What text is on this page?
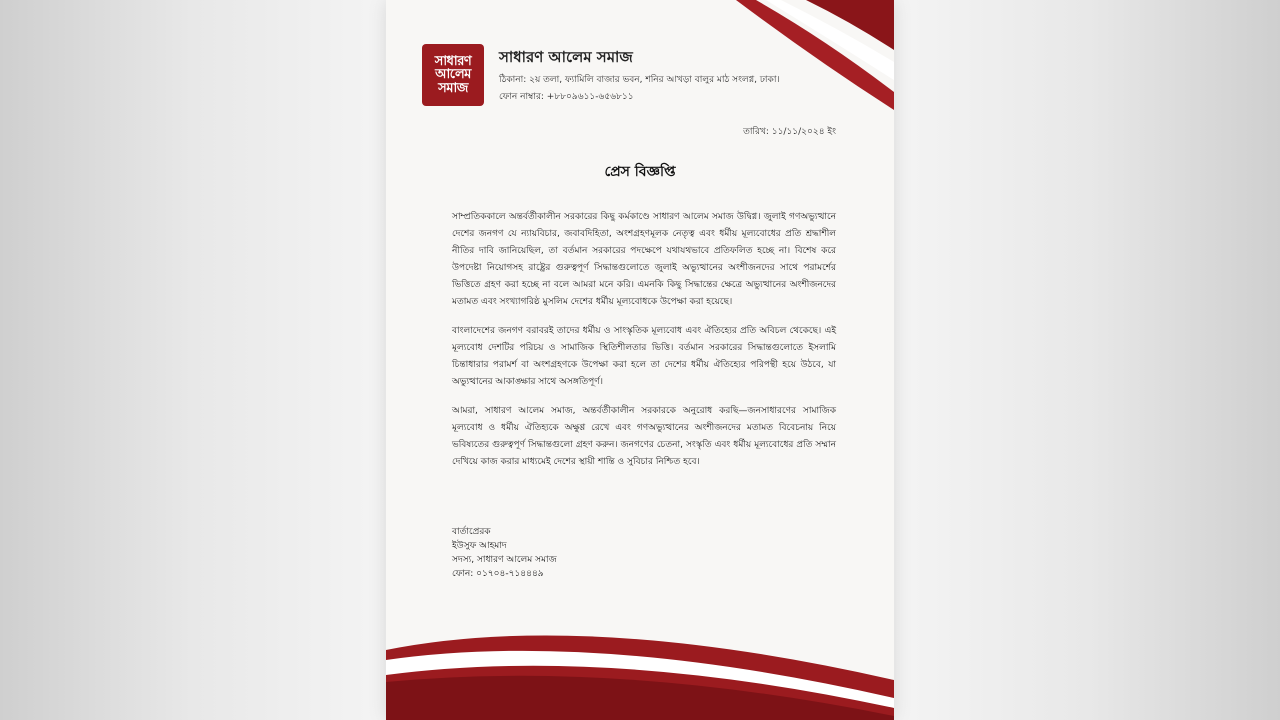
সাধারণ
আলেম
সমাজ
সাধারণ আলেম সমাজ
ঠিকানা: ২য় তলা, ফ্যামিলি বাজার ভবন, শনির আখড়া বালুর মাঠ সংলগ্ন, ঢাকা।
ফোন নাম্বার: +৮৮০৯৬১১-৬৫৬৮১১
তারিখ: ১১/১১/২০২৪ ইং
প্রেস বিজ্ঞপ্তি

সাম্প্রতিককালে অন্তর্বর্তীকালীন সরকারের কিছু কর্মকাণ্ডে সাধারণ আলেম সমাজ উদ্বিগ্ন। জুলাই গণঅভ্যুত্থানে দেশের জনগণ যে ন্যায়বিচার, জবাবদিহিতা, অংশগ্রহণমূলক নেতৃত্ব এবং ধর্মীয় মূল্যবোধের প্রতি শ্রদ্ধাশীল নীতির দাবি জানিয়েছিল, তা বর্তমান সরকারের পদক্ষেপে যথাযথভাবে প্রতিফলিত হচ্ছে না। বিশেষ করে উপদেষ্টা নিয়োগসহ রাষ্ট্রের গুরুত্বপূর্ণ সিদ্ধান্তগুলোতে জুলাই অভ্যুত্থানের অংশীজনদের সাথে পরামর্শের ভিত্তিতে গ্রহণ করা হচ্ছে না বলে আমরা মনে করি। এমনকি কিছু সিদ্ধান্তের ক্ষেত্রে অভ্যুত্থানের অংশীজনদের মতামত এবং সংখ্যাগরিষ্ঠ মুসলিম দেশের ধর্মীয় মূল্যবোধকে উপেক্ষা করা হয়েছে।

বাংলাদেশের জনগণ বরাবরই তাদের ধর্মীয় ও সাংস্কৃতিক মূল্যবোধ এবং ঐতিহ্যের প্রতি অবিচল থেকেছে। এই মূল্যবোধ দেশটির পরিচয় ও সামাজিক স্থিতিশীলতার ভিত্তি। বর্তমান সরকারের সিদ্ধান্তগুলোতে ইসলামি চিন্তাধারার পরামর্শ বা অংশগ্রহণকে উপেক্ষা করা হলে তা দেশের ধর্মীয় ঐতিহ্যের পরিপন্থী হয়ে উঠবে, যা অভ্যুত্থানের আকাঙ্ক্ষার সাথে অসঙ্গতিপূর্ণ।

আমরা, সাধারণ আলেম সমাজ, অন্তর্বর্তীকালীন সরকারকে অনুরোধ করছি—জনসাধারণের সামাজিক মূল্যবোধ ও ধর্মীয় ঐতিহ্যকে অক্ষুণ্ণ রেখে এবং গণঅভ্যুত্থানের অংশীজনদের মতামত বিবেচনায় নিয়ে ভবিষ্যতের গুরুত্বপূর্ণ সিদ্ধান্তগুলো গ্রহণ করুন। জনগণের চেতনা, সংস্কৃতি এবং ধর্মীয় মূল্যবোধের প্রতি সম্মান দেখিয়ে কাজ করার মাধ্যমেই দেশের স্থায়ী শান্তি ও সুবিচার নিশ্চিত হবে।

বার্তাপ্রেরক
ইউসুফ আহমাদ
সদস্য, সাধারণ আলেম সমাজ
ফোন: ০১৭০৪-৭১৪৪৪৯
